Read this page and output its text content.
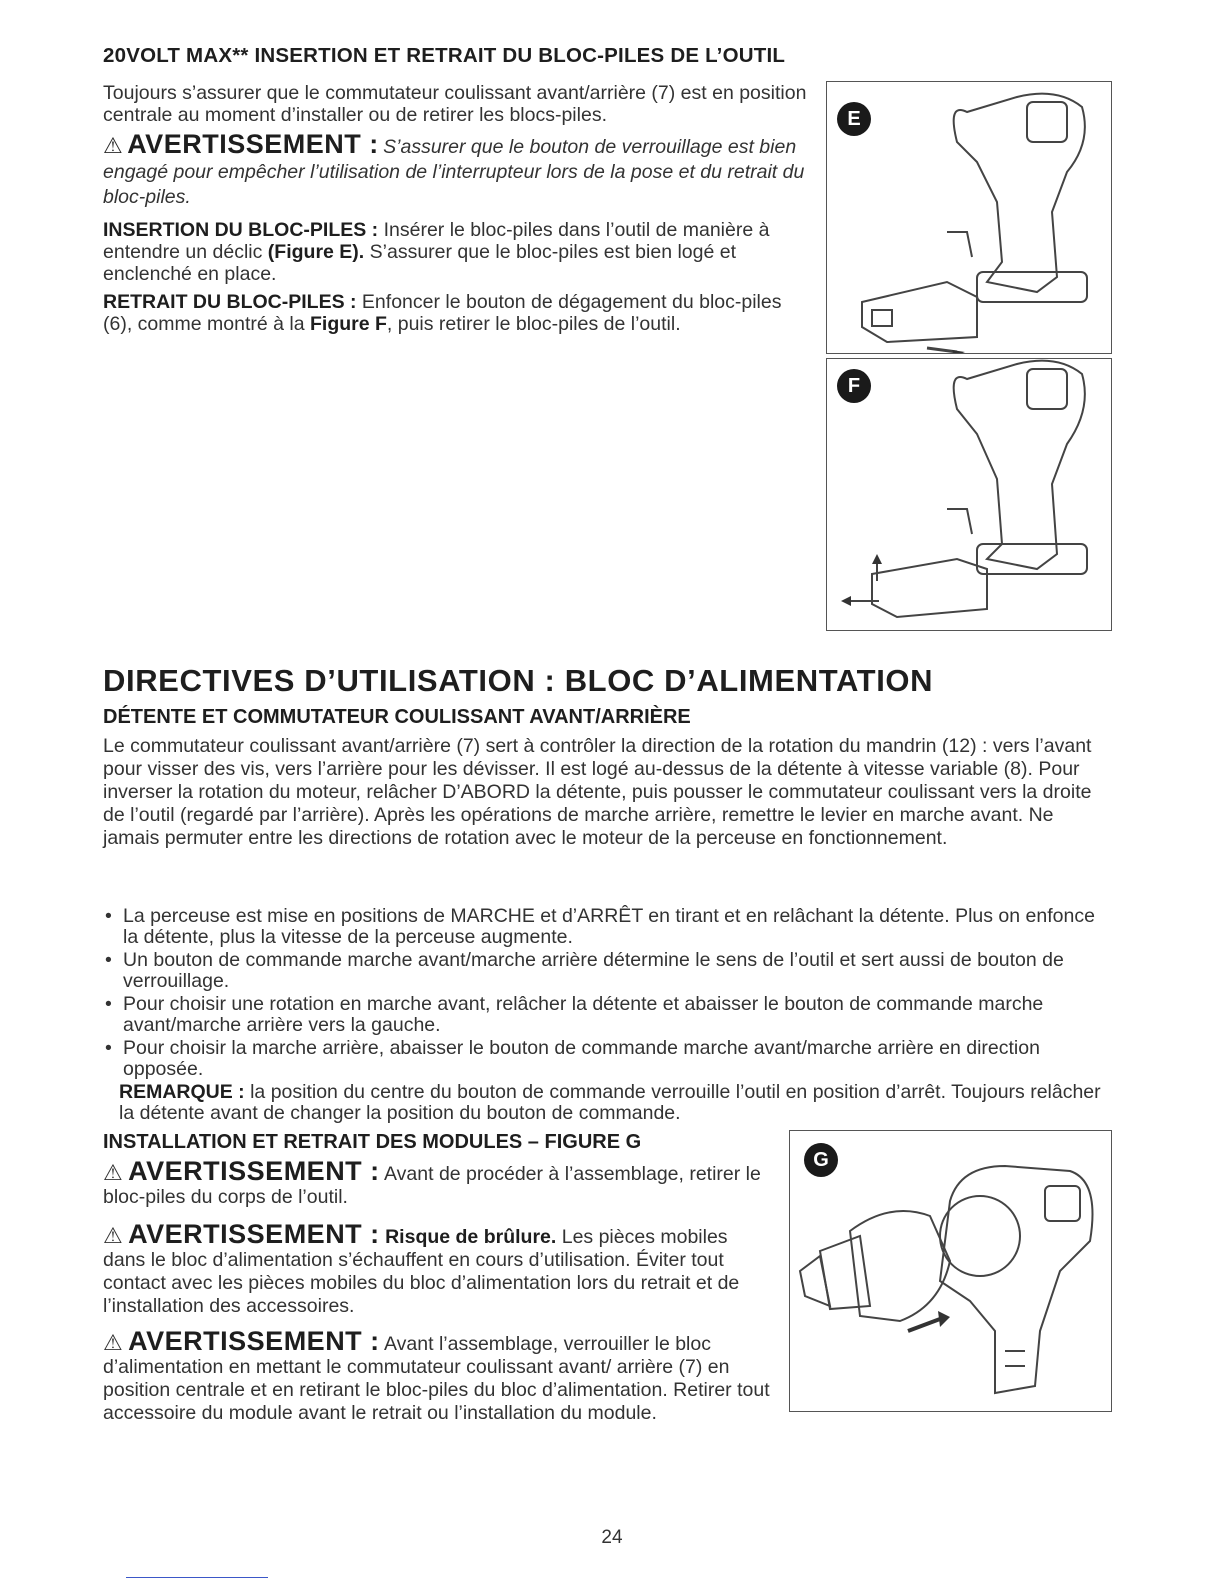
20VOLT MAX** INSERTION ET RETRAIT DU BLOC-PILES DE L’OUTIL
Toujours s’assurer que le commutateur coulissant avant/arrière (7) est en position centrale au moment d’installer ou de retirer les blocs-piles.
⚠ AVERTISSEMENT : S’assurer que le bouton de verrouillage est bien engagé pour empêcher l’utilisation de l’interrupteur lors de la pose et du retrait du bloc-piles.
INSERTION DU BLOC-PILES : Insérer le bloc-piles dans l’outil de manière à entendre un déclic (Figure E). S’assurer que le bloc-piles est bien logé et enclenché en place.
RETRAIT DU BLOC-PILES : Enfoncer le bouton de dégagement du bloc-piles (6), comme montré à la Figure F, puis retirer le bloc-piles de l’outil.
E
F
DIRECTIVES D’UTILISATION : BLOC D’ALIMENTATION
DÉTENTE ET COMMUTATEUR COULISSANT AVANT/ARRIÈRE
Le commutateur coulissant avant/arrière (7) sert à contrôler la direction de la rotation du mandrin (12) : vers l’avant pour visser des vis, vers l’arrière pour les dévisser. Il est logé au-dessus de la détente à vitesse variable (8). Pour inverser la rotation du moteur, relâcher D’ABORD la détente, puis pousser le commutateur coulissant vers la droite de l’outil (regardé par l’arrière). Après les opérations de marche arrière, remettre le levier en marche avant. Ne jamais permuter entre les directions de rotation avec le moteur de la perceuse en fonctionnement.
• La perceuse est mise en positions de MARCHE et d’ARRÊT en tirant et en relâchant la détente. Plus on enfonce la détente, plus la vitesse de la perceuse augmente.
• Un bouton de commande marche avant/marche arrière détermine le sens de l’outil et sert aussi de bouton de verrouillage.
• Pour choisir une rotation en marche avant, relâcher la détente et abaisser le bouton de commande marche avant/marche arrière vers la gauche.
• Pour choisir la marche arrière, abaisser le bouton de commande marche avant/marche arrière en direction opposée.
REMARQUE : la position du centre du bouton de commande verrouille l’outil en position d’arrêt. Toujours relâcher la détente avant de changer la position du bouton de commande.
INSTALLATION ET RETRAIT DES MODULES – FIGURE G
⚠ AVERTISSEMENT : Avant de procéder à l’assemblage, retirer le bloc-piles du corps de l’outil.
⚠ AVERTISSEMENT : Risque de brûlure. Les pièces mobiles dans le bloc d’alimentation s’échauffent en cours d’utilisation. Éviter tout contact avec les pièces mobiles du bloc d’alimentation lors du retrait et de l’installation des accessoires.
⚠ AVERTISSEMENT : Avant l’assemblage, verrouiller le bloc d’alimentation en mettant le commutateur coulissant avant/ arrière (7) en position centrale et en retirant le bloc-piles du bloc d’alimentation. Retirer tout accessoire du module avant le retrait ou l’installation du module.
G
24
